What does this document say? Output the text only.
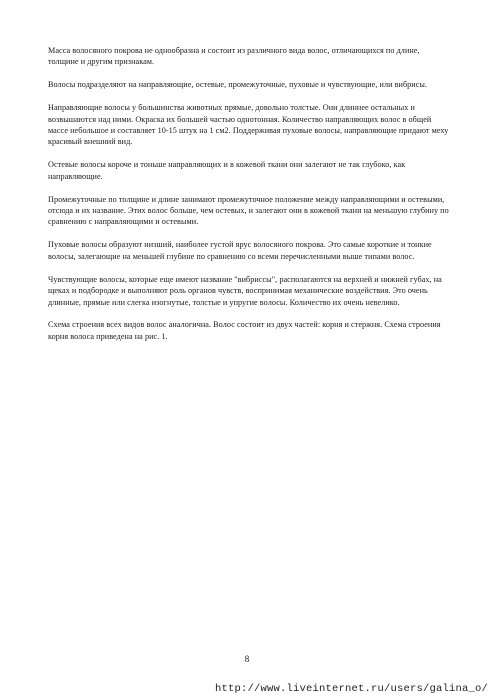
Масса волосяного покрова не однообразна и состоит из различного вида волос, отличающихся по длине, толщине и другим признакам.

Волосы подразделяют на направляющие, остевые, промежуточные, пуховые и чувствующие, или вибрисы.

Направляющие волосы у большинства животных прямые, довольно толстые. Они длиннее остальных и возвышаются над ними. Окраска их большей частью однотонная. Количество направляющих волос в общей массе небольшое и составляет 10-15 штук на 1 см2. Поддерживая пуховые волосы, направляющие придают меху красивый внешний вид.

Остевые волосы короче и тоньше направляющих и в кожевой ткани они залегают не так глубоко, как направляющие.

Промежуточные по толщине и длине занимают промежуточное положение между направляющими и остевыми, отсюда и их название. Этих волос больше, чем остевых, и залегают они в кожевой ткани на меньшую глубину по сравнению с направляющими и остевыми.

Пуховые волосы образуют низший, наиболее густой ярус волосяного покрова. Это самые короткие и тонкие волосы, залегающие на меньшей глубине по сравнению со всеми перечисленными выше типами волос.

Чувствующие волосы, которые еще имеют название "вибриссы", располагаются на верхней и нижней губах, на щеках и подбородке и выполняют роль органов чувств, воспринимая механические воздействия. Это очень длинные, прямые или слегка изогнутые, толстые и упругие волосы. Количество их очень невелико.

Схема строения всех видов волос аналогична. Волос состоит из двух частей: корня и стержня. Схема строения корня волоса приведена на рис. 1.

8
http://www.liveinternet.ru/users/galina_o/
